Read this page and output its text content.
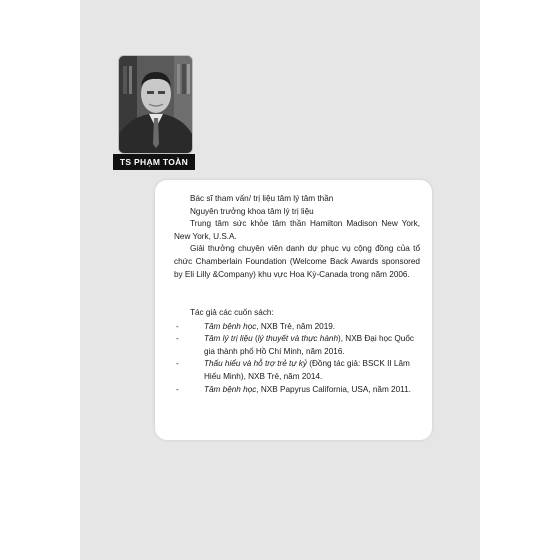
TS PHẠM TOÀN

Bác sĩ tham vấn/ trị liệu tâm lý tâm thần

Nguyên trưởng khoa tâm lý trị liệu

Trung tâm sức khỏe tâm thần Hamilton Madison New York, New York, U.S.A.

Giải thưởng chuyên viên danh dự phục vụ cộng đồng của tổ chức Chamberlain Foundation (Welcome Back Awards sponsored by Eli Lilly &Company) khu vực Hoa Kỳ-Canada trong năm 2006.

Tác giả các cuốn sách:

- Tâm bệnh học, NXB Trẻ, năm 2019.
- Tâm lý trị liệu (lý thuyết và thực hành), NXB Đại học Quốc gia thành phố Hồ Chí Minh, năm 2016.
- Thấu hiểu và hỗ trợ trẻ tự kỷ (Đồng tác giả: BSCK II Lâm Hiếu Minh), NXB Trẻ, năm 2014.
- Tâm bệnh học, NXB Papyrus California, USA, năm 2011.
